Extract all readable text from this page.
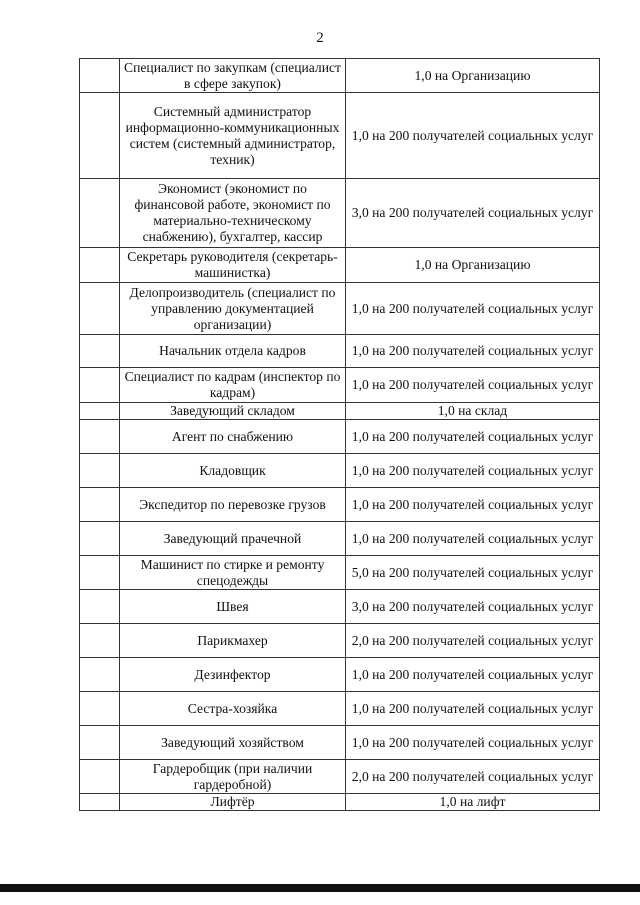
2
	Специалист по закупкам (специалист в сфере закупок)	1,0 на Организацию
	Системный администратор информационно-коммуникационных систем (системный администратор, техник)	1,0 на 200 получателей социальных услуг
	Экономист (экономист по финансовой работе, экономист по материально-техническому снабжению), бухгалтер, кассир	3,0 на 200 получателей социальных услуг
	Секретарь руководителя (секретарь-машинистка)	1,0 на Организацию
	Делопроизводитель (специалист по управлению документацией организации)	1,0 на 200 получателей социальных услуг
	Начальник отдела кадров	1,0 на 200 получателей социальных услуг
	Специалист по кадрам (инспектор по кадрам)	1,0 на 200 получателей социальных услуг
	Заведующий складом	1,0 на склад
	Агент по снабжению	1,0 на 200 получателей социальных услуг
	Кладовщик	1,0 на 200 получателей социальных услуг
	Экспедитор по перевозке грузов	1,0 на 200 получателей социальных услуг
	Заведующий прачечной	1,0 на 200 получателей социальных услуг
	Машинист по стирке и ремонту спецодежды	5,0 на 200 получателей социальных услуг
	Швея	3,0 на 200 получателей социальных услуг
	Парикмахер	2,0 на 200 получателей социальных услуг
	Дезинфектор	1,0 на 200 получателей социальных услуг
	Сестра-хозяйка	1,0 на 200 получателей социальных услуг
	Заведующий хозяйством	1,0 на 200 получателей социальных услуг
	Гардеробщик (при наличии гардеробной)	2,0 на 200 получателей социальных услуг
	Лифтёр	1,0 на лифт
